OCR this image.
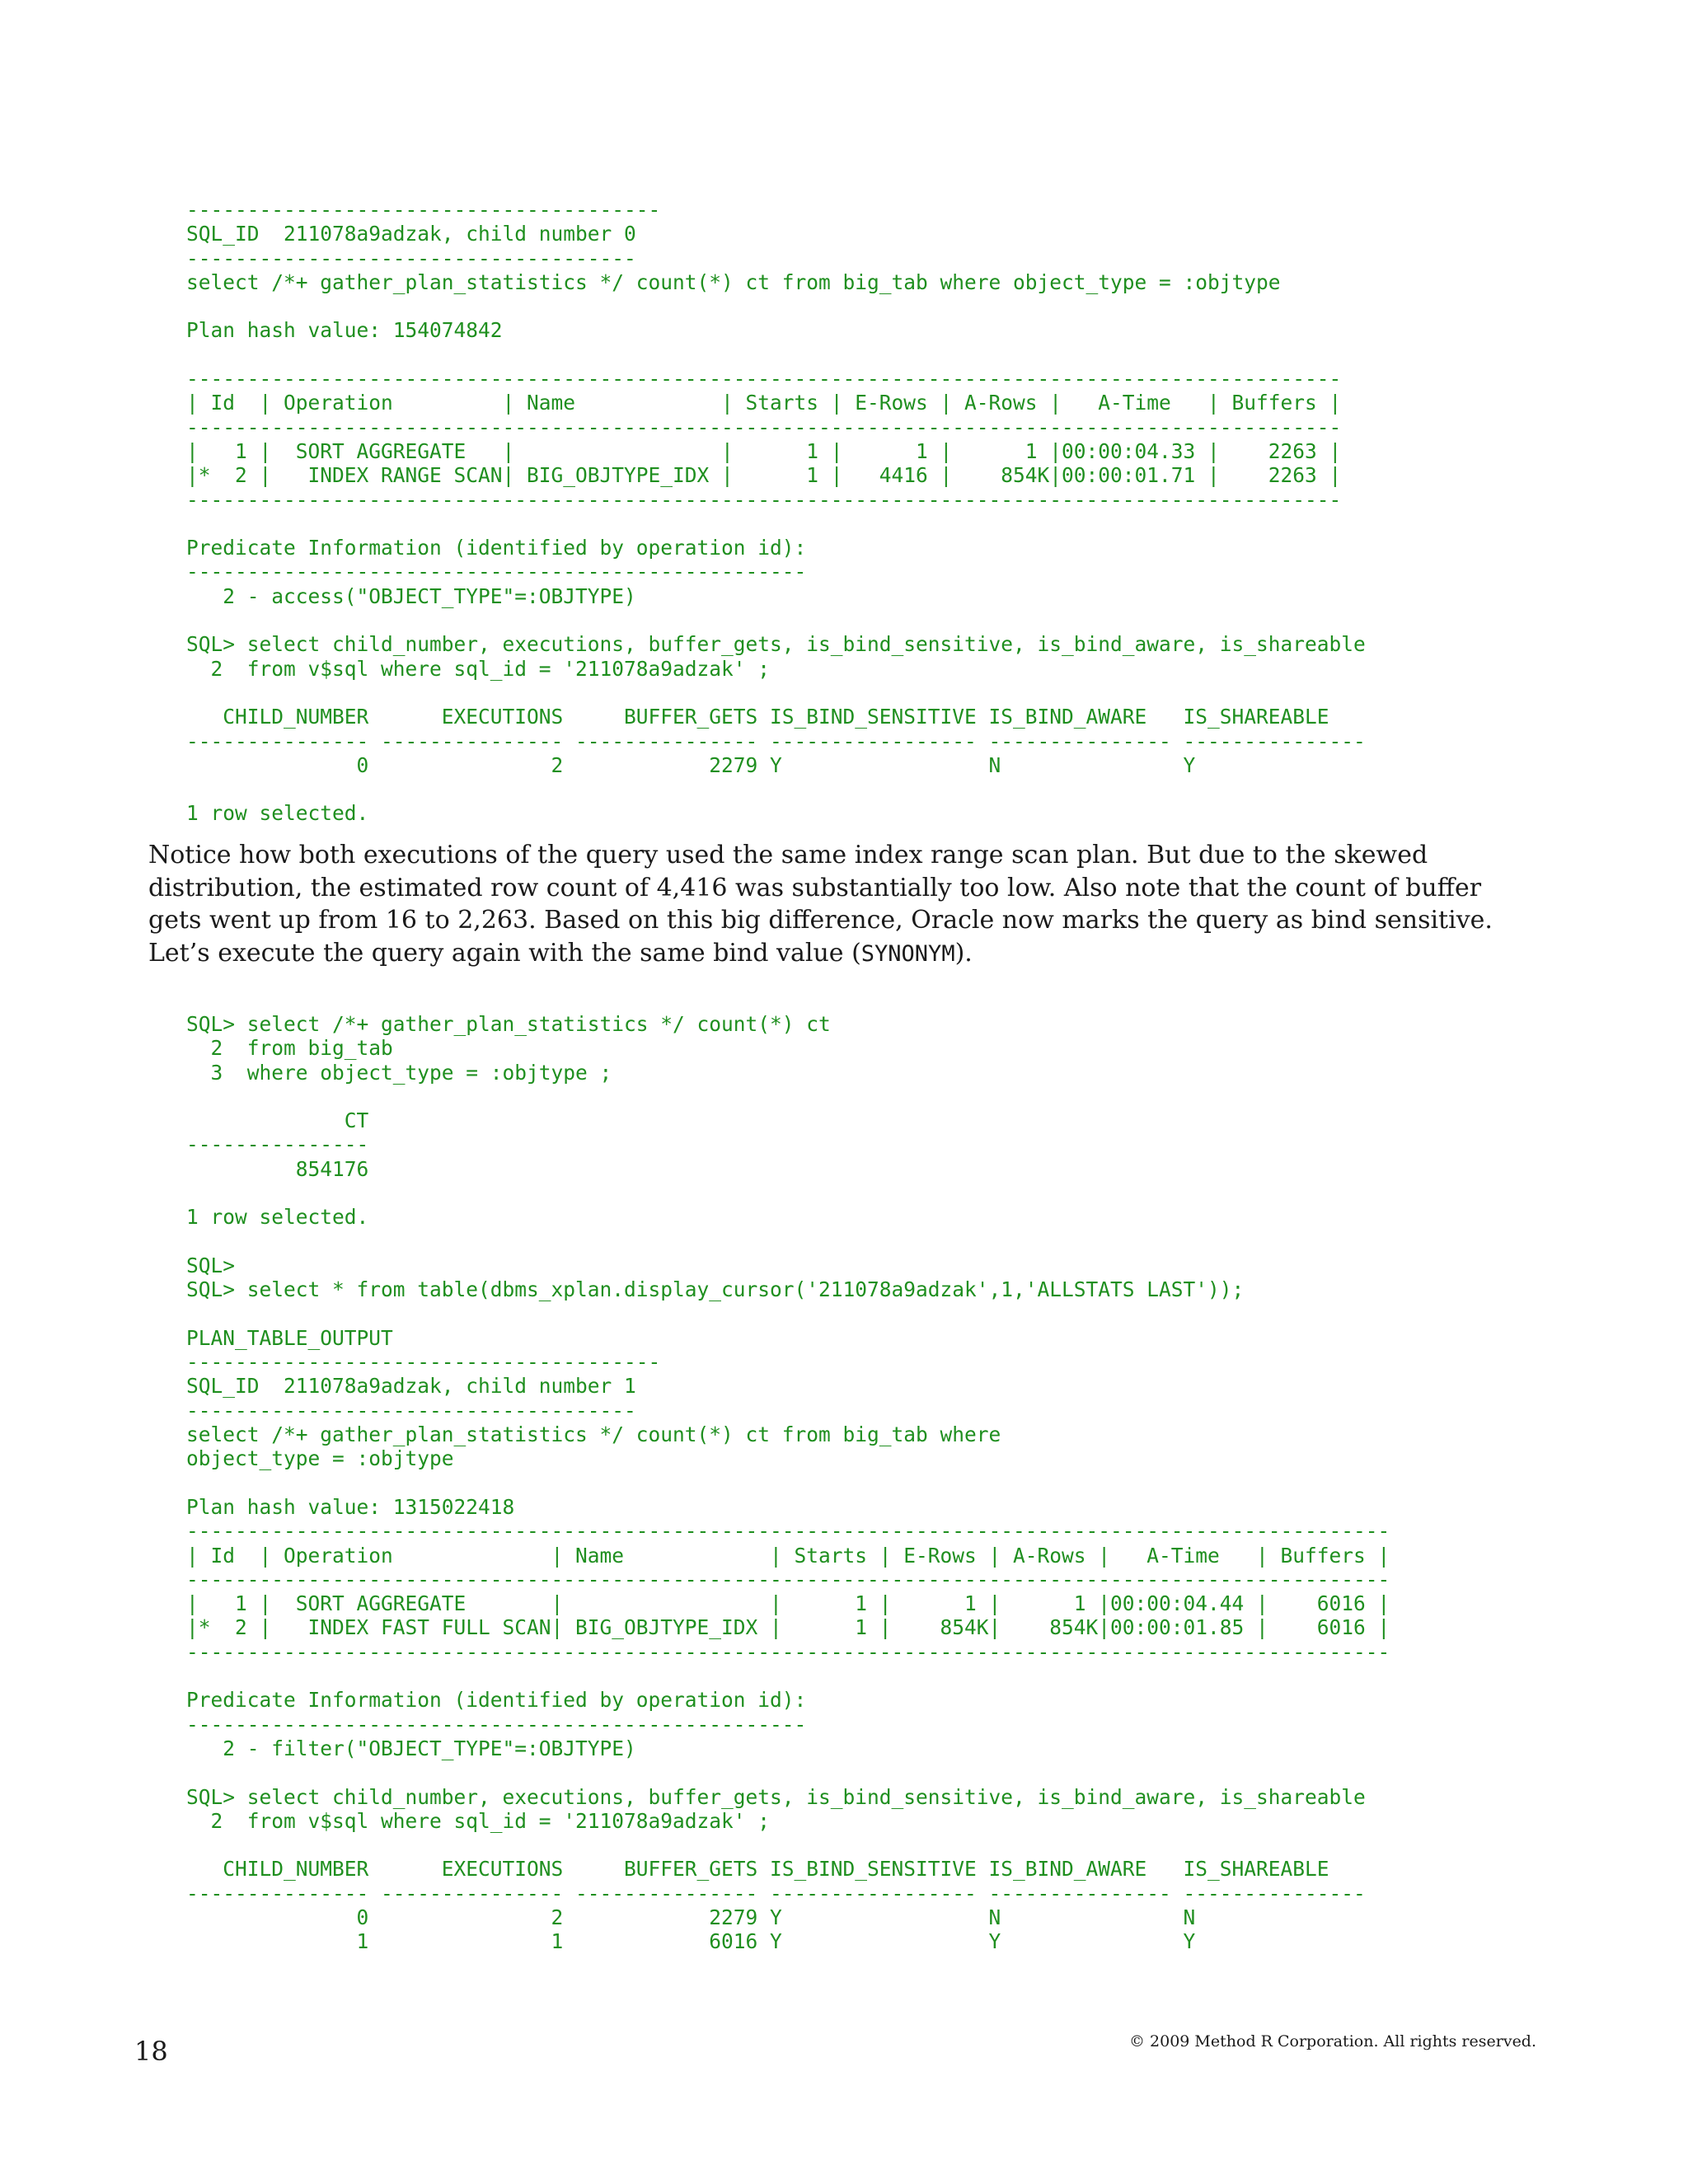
---------------------------------------
SQL_ID  211078a9adzak, child number 0
-------------------------------------
select /*+ gather_plan_statistics */ count(*) ct from big_tab where object_type = :objtype

Plan hash value: 154074842

-----------------------------------------------------------------------------------------------
| Id  | Operation         | Name            | Starts | E-Rows | A-Rows |   A-Time   | Buffers |
-----------------------------------------------------------------------------------------------
|   1 |  SORT AGGREGATE   |                 |      1 |      1 |      1 |00:00:04.33 |    2263 |
|*  2 |   INDEX RANGE SCAN| BIG_OBJTYPE_IDX |      1 |   4416 |    854K|00:00:01.71 |    2263 |
-----------------------------------------------------------------------------------------------

Predicate Information (identified by operation id):
---------------------------------------------------
2 - access("OBJECT_TYPE"=:OBJTYPE)

SQL> select child_number, executions, buffer_gets, is_bind_sensitive, is_bind_aware, is_shareable
2  from v$sql where sql_id = '211078a9adzak' ;

CHILD_NUMBER      EXECUTIONS     BUFFER_GETS IS_BIND_SENSITIVE IS_BIND_AWARE   IS_SHAREABLE
--------------- --------------- --------------- ----------------- --------------- ---------------
0               2            2279 Y                 N               Y

1 row selected.

Notice how both executions of the query used the same index range scan plan. But due to the skewed distribution, the estimated row count of 4,416 was substantially too low. Also note that the count of buffer gets went up from 16 to 2,263. Based on this big difference, Oracle now marks the query as bind sensitive. Let’s execute the query again with the same bind value (SYNONYM).

SQL> select /*+ gather_plan_statistics */ count(*) ct
2  from big_tab
3  where object_type = :objtype ;

CT
---------------
854176

1 row selected.

SQL>
SQL> select * from table(dbms_xplan.display_cursor('211078a9adzak',1,'ALLSTATS LAST'));

PLAN_TABLE_OUTPUT
---------------------------------------
SQL_ID  211078a9adzak, child number 1
-------------------------------------
select /*+ gather_plan_statistics */ count(*) ct from big_tab where
object_type = :objtype

Plan hash value: 1315022418
---------------------------------------------------------------------------------------------------
| Id  | Operation             | Name            | Starts | E-Rows | A-Rows |   A-Time   | Buffers |
---------------------------------------------------------------------------------------------------
|   1 |  SORT AGGREGATE       |                 |      1 |      1 |      1 |00:00:04.44 |    6016 |
|*  2 |   INDEX FAST FULL SCAN| BIG_OBJTYPE_IDX |      1 |    854K|    854K|00:00:01.85 |    6016 |
---------------------------------------------------------------------------------------------------

Predicate Information (identified by operation id):
---------------------------------------------------
2 - filter("OBJECT_TYPE"=:OBJTYPE)

SQL> select child_number, executions, buffer_gets, is_bind_sensitive, is_bind_aware, is_shareable
2  from v$sql where sql_id = '211078a9adzak' ;

CHILD_NUMBER      EXECUTIONS     BUFFER_GETS IS_BIND_SENSITIVE IS_BIND_AWARE   IS_SHAREABLE
--------------- --------------- --------------- ----------------- --------------- ---------------
0               2            2279 Y                 N               N
1               1            6016 Y                 Y               Y
18	© 2009 Method R Corporation. All rights reserved.
